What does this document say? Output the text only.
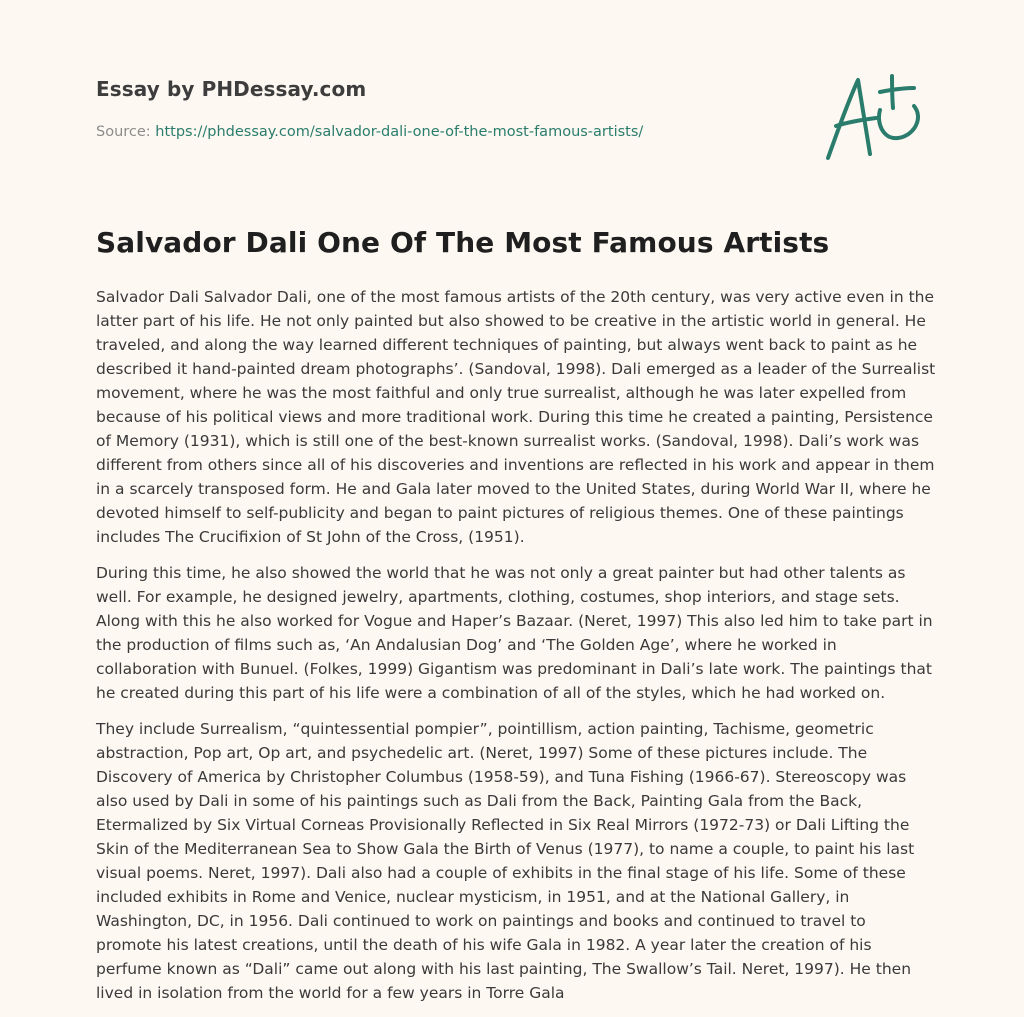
Essay by PHDessay.com
Source: https://phdessay.com/salvador-dali-one-of-the-most-famous-artists/
Salvador Dali One Of The Most Famous Artists

Salvador Dali Salvador Dali, one of the most famous artists of the 20th century, was very active even in the latter part of his life. He not only painted but also showed to be creative in the artistic world in general. He traveled, and along the way learned different techniques of painting, but always went back to paint as he described it hand-painted dream photographs’. (Sandoval, 1998). Dali emerged as a leader of the Surrealist movement, where he was the most faithful and only true surrealist, although he was later expelled from because of his political views and more traditional work. During this time he created a painting, Persistence of Memory (1931), which is still one of the best-known surrealist works. (Sandoval, 1998). Dali’s work was different from others since all of his discoveries and inventions are reflected in his work and appear in them in a scarcely transposed form. He and Gala later moved to the United States, during World War II, where he devoted himself to self-publicity and began to paint pictures of religious themes. One of these paintings includes The Crucifixion of St John of the Cross, (1951).

During this time, he also showed the world that he was not only a great painter but had other talents as well. For example, he designed jewelry, apartments, clothing, costumes, shop interiors, and stage sets. Along with this he also worked for Vogue and Haper’s Bazaar. (Neret, 1997) This also led him to take part in the production of films such as, ‘An Andalusian Dog’ and ‘The Golden Age’, where he worked in collaboration with Bunuel. (Folkes, 1999) Gigantism was predominant in Dali’s late work. The paintings that he created during this part of his life were a combination of all of the styles, which he had worked on.

They include Surrealism, “quintessential pompier”, pointillism, action painting, Tachisme, geometric abstraction, Pop art, Op art, and psychedelic art. (Neret, 1997) Some of these pictures include. The Discovery of America by Christopher Columbus (1958-59), and Tuna Fishing (1966-67). Stereoscopy was also used by Dali in some of his paintings such as Dali from the Back, Painting Gala from the Back, Etermalized by Six Virtual Corneas Provisionally Reflected in Six Real Mirrors (1972-73) or Dali Lifting the Skin of the Mediterranean Sea to Show Gala the Birth of Venus (1977), to name a couple, to paint his last visual poems. Neret, 1997). Dali also had a couple of exhibits in the final stage of his life. Some of these included exhibits in Rome and Venice, nuclear mysticism, in 1951, and at the National Gallery, in Washington, DC, in 1956. Dali continued to work on paintings and books and continued to travel to promote his latest creations, until the death of his wife Gala in 1982. A year later the creation of his perfume known as “Dali” came out along with his last painting, The Swallow’s Tail. Neret, 1997). He then lived in isolation from the world for a few years in Torre Gala
